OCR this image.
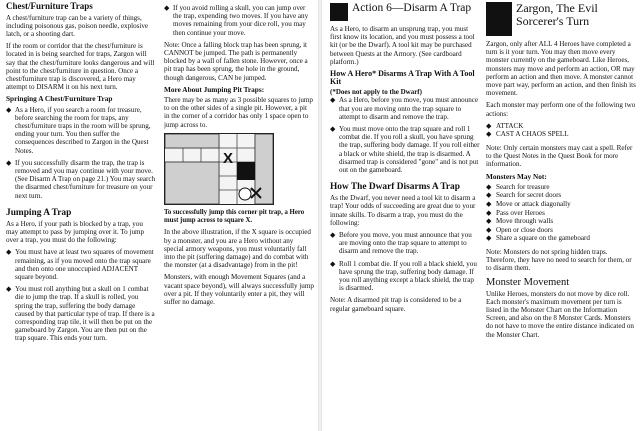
Chest/Furniture Traps

A chest/furniture trap can be a variety of things, including poisonous gas, poison needle, explosive latch, or a shooting dart.

If the room or corridor that the chest/furniture is located in is being searched for traps, Zargon will say that the chest/furniture looks dangerous and will point to the chest/furniture in question. Once a chest/furniture trap is discovered, a Hero may attempt to DISARM it on his next turn.

Springing A Chest/Furniture Trap
◆ As a Hero, if you search a room for treasure, before searching the room for traps, any chest/furniture traps in the room will be sprung, ending your turn. You then suffer the consequences described to Zargon in the Quest Notes.

◆ If you successfully disarm the trap, the trap is removed and you may continue with your move. (See Disarm A Trap on page 21.) You may search the disarmed chest/furniture for treasure on your next turn.

Jumping A Trap

As a Hero, if your path is blocked by a trap, you may attempt to pass by jumping over it. To jump over a trap, you must do the following:

◆ You must have at least two squares of movement remaining, as if you moved onto the trap square and then onto one unoccupied ADJACENT square beyond.

◆ You must roll anything but a skull on 1 combat die to jump the trap. If a skull is rolled, you spring the trap, suffering the body damage caused by that particular type of trap. If there is a corresponding trap tile, it will then be put on the gameboard by Zargon. You are then put on the trap square. This ends your turn.

◆ If you avoid rolling a skull, you can jump over the trap, expending two moves. If you have any moves remaining from your dice roll, you may then continue your move.

Note: Once a falling block trap has been sprung, it CANNOT be jumped. The path is permanently blocked by a wall of fallen stone. However, once a pit trap has been sprung, the hole in the ground, though dangerous, CAN be jumped.

More About Jumping Pit Traps:

There may be as many as 3 possible squares to jump to on the other sides of a single pit. However, a pit in the corner of a corridor has only 1 space open to jump across to.

X
To successfully jump this corner pit trap, a Hero must jump across to square X.

In the above illustration, if the X square is occupied by a monster, and you are a Hero without any special armory weapons, you must voluntarily fall into the pit (suffering damage) and do combat with the monster (at a disadvantage) from in the pit!

Monsters, with enough Movement Squares (and a vacant space beyond), will always successfully jump over a pit. If they voluntarily enter a pit, they will suffer no damage.

Action 6—Disarm A Trap

As a Hero, to disarm an unsprung trap, you must first know its location, and you must possess a tool kit (or be the Dwarf). A tool kit may be purchased between Quests at the Armory. (See cardboard platform.)

How A Hero* Disarms A Trap With A Tool Kit
(*Does not apply to the Dwarf)
◆ As a Hero, before you move, you must announce that you are moving onto the trap square to attempt to disarm and remove the trap.

◆ You must move onto the trap square and roll 1 combat die. If you roll a skull, you have sprung the trap, suffering body damage. If you roll either a black or white shield, the trap is disarmed. A disarmed trap is considered "gone" and is not put out on the gameboard.

How The Dwarf Disarms A Trap

As the Dwarf, you never need a tool kit to disarm a trap! Your odds of succeeding are great due to your innate skills. To disarm a trap, you must do the following:

◆ Before you move, you must announce that you are moving onto the trap square to attempt to disarm and remove the trap.

◆ Roll 1 combat die. If you roll a black shield, you have sprung the trap, suffering body damage. If you roll anything except a black shield, the trap is disarmed.

Note: A disarmed pit trap is considered to be a regular gameboard square.

Zargon, The Evil Sorcerer's Turn

Zargon, only after ALL 4 Heroes have completed a turn is it your turn. You may then move every monster currently on the gameboard. Like Heroes, monsters may move and perform an action, OR may perform an action and then move. A monster cannot move part way, perform an action, and then finish its movement.

Each monster may perform one of the following two actions:

◆ ATTACK
◆ CAST A CHAOS SPELL

Note: Only certain monsters may cast a spell. Refer to the Quest Notes in the Quest Book for more information.

Monsters May Not:
◆ Search for treasure
◆ Search for secret doors
◆ Move or attack diagonally
◆ Pass over Heroes
◆ Move through walls
◆ Open or close doors
◆ Share a square on the gameboard

Note: Monsters do not spring hidden traps. Therefore, they have no need to search for them, or to disarm them.

Monster Movement

Unlike Heroes, monsters do not move by dice roll. Each monster's maximum movement per turn is listed in the Monster Chart on the Information Screen, and also on the 8 Monster Cards. Monsters do not have to move the entire distance indicated on the Monster Chart.
